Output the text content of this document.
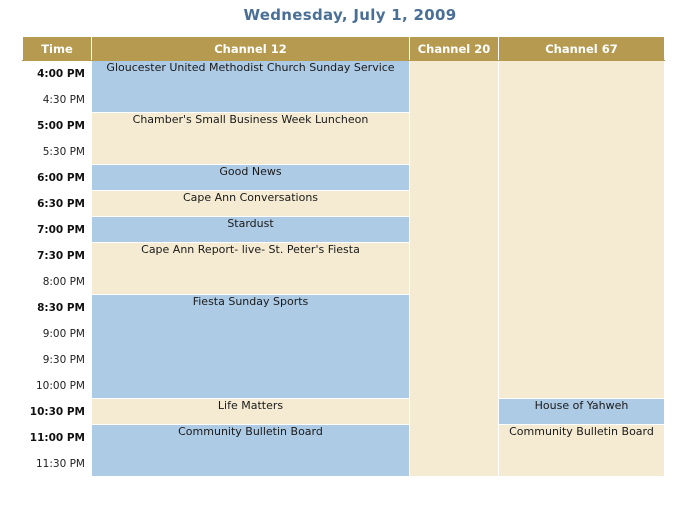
Wednesday, July 1, 2009
Time	Channel 12	Channel 20	Channel 67
4:00 PM	Gloucester United Methodist Church Sunday Service		
4:30 PM			
5:00 PM	Chamber's Small Business Week Luncheon		
5:30 PM			
6:00 PM	Good News		
6:30 PM	Cape Ann Conversations		
7:00 PM	Stardust		
7:30 PM	Cape Ann Report- live- St. Peter's Fiesta		
8:00 PM			
8:30 PM	Fiesta Sunday Sports		
9:00 PM			
9:30 PM			
10:00 PM			
10:30 PM	Life Matters		House of Yahweh
11:00 PM	Community Bulletin Board		Community Bulletin Board
11:30 PM			
